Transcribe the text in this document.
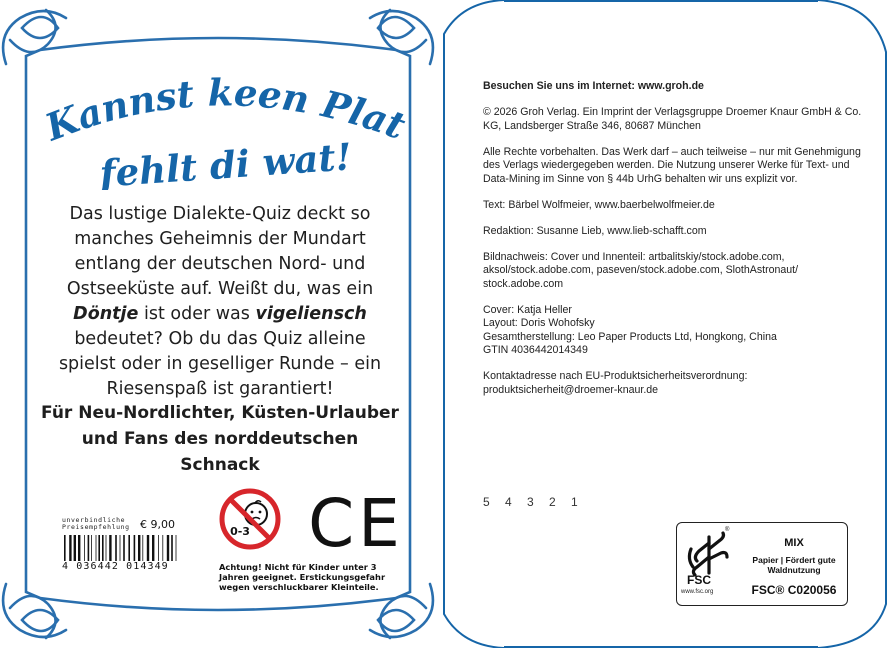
Kannst keen Plat
fehlt di wat!
Das lustige Dialekte-Quiz deckt so manches Geheimnis der Mundart entlang der deutschen Nord- und Ostseeküste auf. Weißt du, was ein Döntje ist oder was vigeliensch bedeutet? Ob du das Quiz alleine spielst oder in geselliger Runde – ein Riesenspaß ist garantiert!
Für Neu-Nordlichter, Küsten-Urlauber und Fans des norddeutschen Schnack
unverbindliche Preisempfehlung € 9,00
4 036442 014349
0-3 CE
Achtung! Nicht für Kinder unter 3 Jahren geeignet. Erstickungsgefahr wegen verschluckbarer Kleinteile.

Besuchen Sie uns im Internet: www.groh.de

© 2026 Groh Verlag. Ein Imprint der Verlagsgruppe Droemer Knaur GmbH & Co. KG, Landsberger Straße 346, 80687 München

Alle Rechte vorbehalten. Das Werk darf – auch teilweise – nur mit Genehmigung des Verlags wiedergegeben werden. Die Nutzung unserer Werke für Text- und Data-Mining im Sinne von § 44b UrhG behalten wir uns explizit vor.

Text: Bärbel Wolfmeier, www.baerbelwolfmeier.de

Redaktion: Susanne Lieb, www.lieb-schafft.com

Bildnachweis: Cover und Innenteil: artbalitskiy/stock.adobe.com, aksol/stock.adobe.com, paseven/stock.adobe.com, SlothAstronaut/ stock.adobe.com

Cover: Katja Heller
Layout: Doris Wohofsky
Gesamtherstellung: Leo Paper Products Ltd, Hongkong, China
GTIN 4036442014349

Kontaktadresse nach EU-Produktsicherheitsverordnung:
produktsicherheit@droemer-knaur.de

5 4 3 2 1
®
FSC
www.fsc.org
MIX
Papier | Fördert gute Waldnutzung
FSC® C020056
